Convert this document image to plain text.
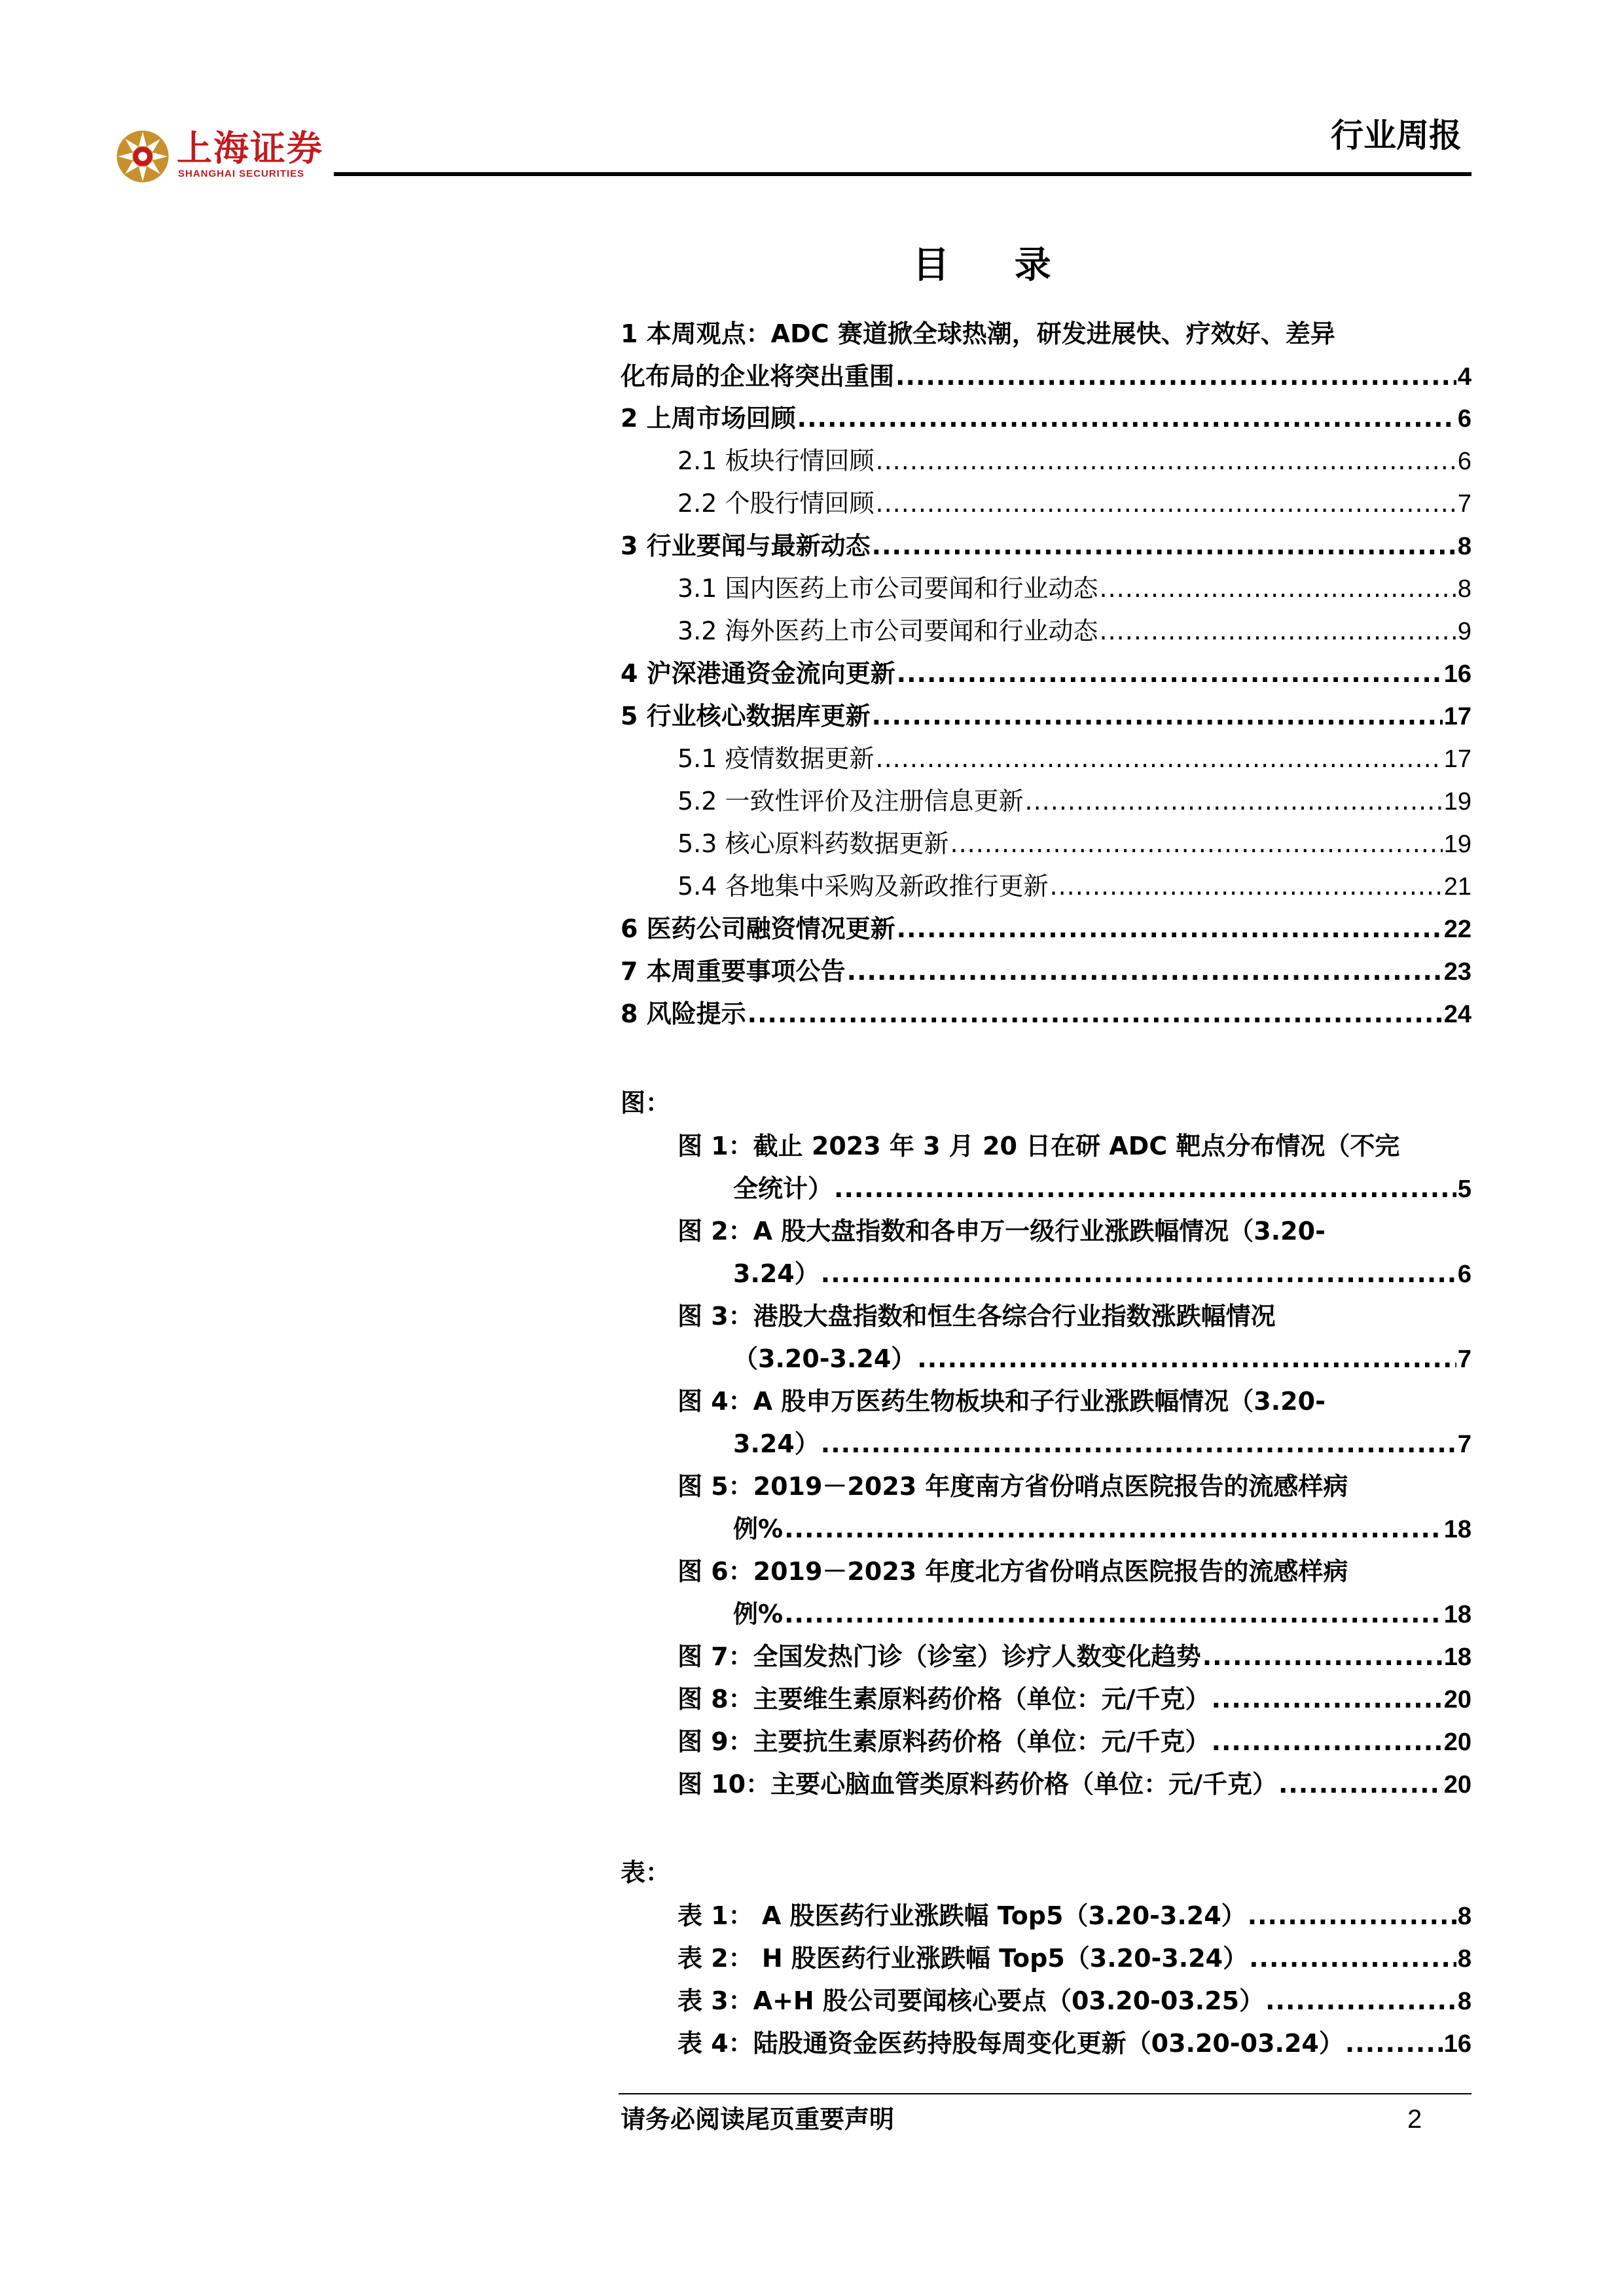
上海证券
SHANGHAI SECURITIES
行业周报
目 录
1 本周观点：ADC 赛道掀全球热潮，研发进展快、疗效好、差异
化布局的企业将突出重围 .....	4
2 上周市场回顾 .....	6
2.1 板块行情回顾 .....	6
2.2 个股行情回顾 .....	7
3 行业要闻与最新动态 .....	8
3.1 国内医药上市公司要闻和行业动态 .....	8
3.2 海外医药上市公司要闻和行业动态 .....	9
4 沪深港通资金流向更新 .....	16
5 行业核心数据库更新 .....	17
5.1 疫情数据更新 .....	17
5.2 一致性评价及注册信息更新 .....	19
5.3 核心原料药数据更新 .....	19
5.4 各地集中采购及新政推行更新 .....	21
6 医药公司融资情况更新 .....	22
7 本周重要事项公告 .....	23
8 风险提示 .....	24
图：
图 1：截止 2023 年 3 月 20 日在研 ADC 靶点分布情况（不完
全统计） .....	5
图 2：A 股大盘指数和各申万一级行业涨跌幅情况（3.20-
3.24） .....	6
图 3：港股大盘指数和恒生各综合行业指数涨跌幅情况
（3.20-3.24） .....	7
图 4：A 股申万医药生物板块和子行业涨跌幅情况（3.20-
3.24） .....	7
图 5：2019－2023 年度南方省份哨点医院报告的流感样病
例% .....	18
图 6：2019－2023 年度北方省份哨点医院报告的流感样病
例% .....	18
图 7：全国发热门诊（诊室）诊疗人数变化趋势 .....	18
图 8：主要维生素原料药价格（单位：元/千克） .....	20
图 9：主要抗生素原料药价格（单位：元/千克） .....	20
图 10：主要心脑血管类原料药价格（单位：元/千克） .....	20
表：
表 1： A 股医药行业涨跌幅 Top5（3.20-3.24） .....	8
表 2： H 股医药行业涨跌幅 Top5（3.20-3.24） .....	8
表 3：A+H 股公司要闻核心要点（03.20-03.25） .....	8
表 4：陆股通资金医药持股每周变化更新（03.20-03.24） .....	16
请务必阅读尾页重要声明	2
